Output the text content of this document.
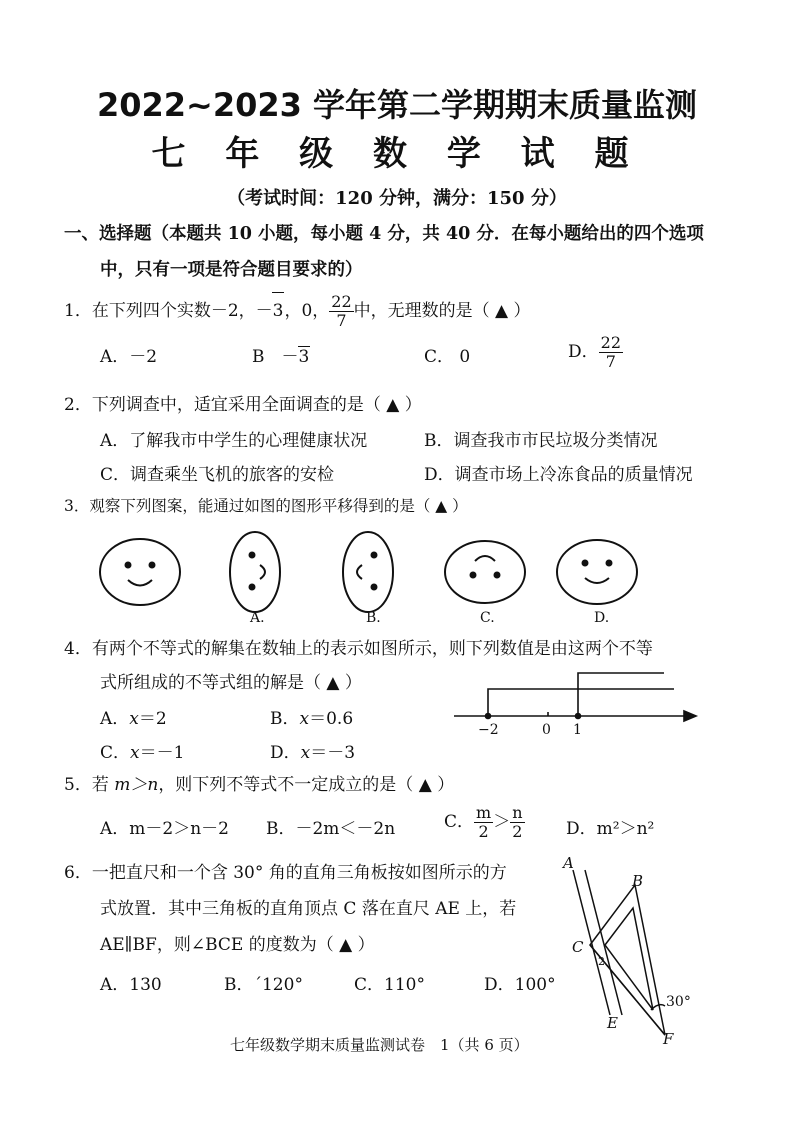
2022~2023 学年第二学期期末质量监测
七 年 级 数 学 试 题
（考试时间：120 分钟，满分：150 分）
一、选择题（本题共 10 小题，每小题 4 分，共 40 分．在每小题给出的四个选项
中，只有一项是符合题目要求的）
1．在下列四个实数－2，－3，0， $\frac{22}{7}$ 中，无理数的是（ ▲ ）
A．－2	B　－3	C． 0	D． $\frac{22}{7}$
2．下列调查中，适宜采用全面调查的是（ ▲ ）
A．了解我市中学生的心理健康状况	B．调查我市市民垃圾分类情况
C．调查乘坐飞机的旅客的安检	D．调查市场上冷冻食品的质量情况
3．观察下列图案，能通过如图的图形平移得到的是（ ▲ ）
A.	B.	C.	D.
4．有两个不等式的解集在数轴上的表示如图所示，则下列数值是由这两个不等
式所组成的不等式组的解是（ ▲ ）
A．x＝2	B．x＝0.6
C．x＝－1	D．x＝－3
−2	0 1
5．若 m＞n，则下列不等式不一定成立的是（ ▲ ）
A．m－2＞n－2 B．－2m＜－2n	C． $\frac{m}{2} > \frac{n}{2}$ D．m²＞n²
6．一把直尺和一个含 30° 角的直角三角板按如图所示的方
式放置．其中三角板的直角顶点 C 落在直尺 AE 上，若
AE∥BF，则∠BCE 的度数为（ ▲ ）
A．130	B．ˊ120°	C．110°	D．100°
A
B
C
2
E
F
30°
七年级数学期末质量监测试卷　1（共 6 页）
